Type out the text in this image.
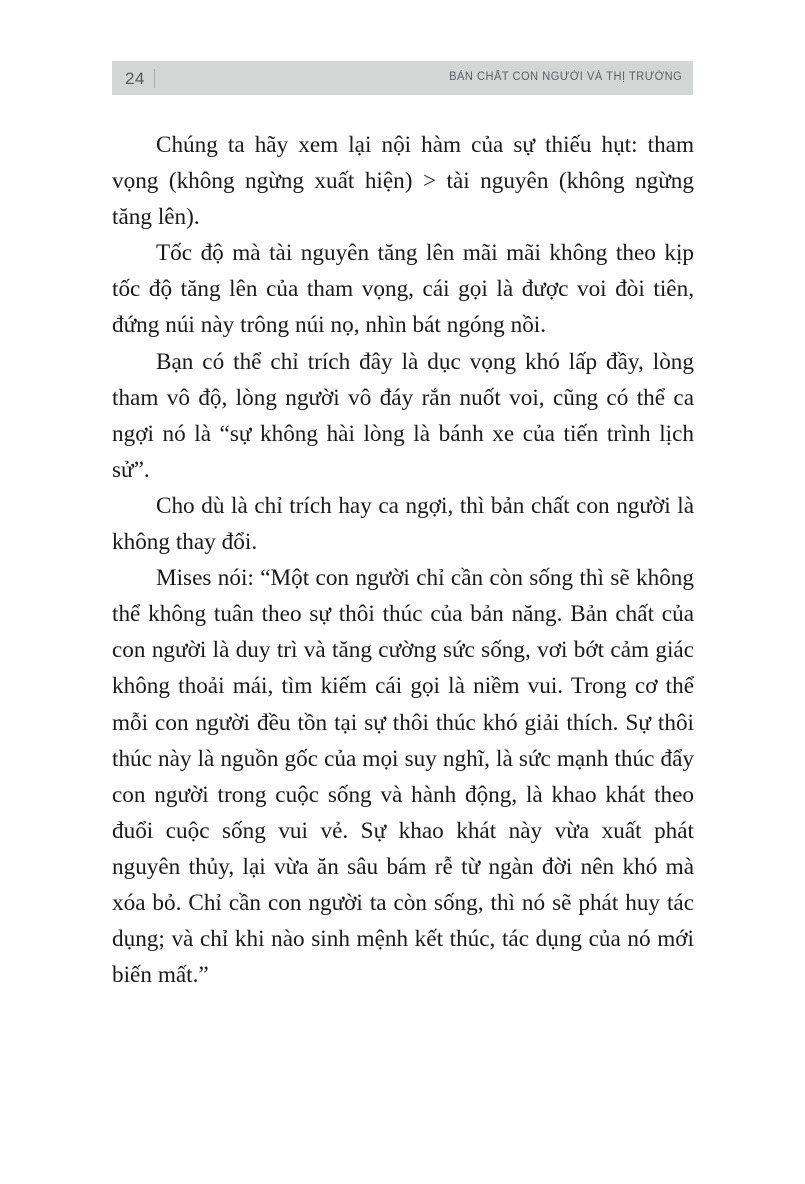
24	BẢN CHẤT CON NGƯỜI VÀ THỊ TRƯỜNG

Chúng ta hãy xem lại nội hàm của sự thiếu hụt: tham vọng (không ngừng xuất hiện) > tài nguyên (không ngừng tăng lên).

Tốc độ mà tài nguyên tăng lên mãi mãi không theo kịp tốc độ tăng lên của tham vọng, cái gọi là được voi đòi tiên, đứng núi này trông núi nọ, nhìn bát ngóng nồi.

Bạn có thể chỉ trích đây là dục vọng khó lấp đầy, lòng tham vô độ, lòng người vô đáy rắn nuốt voi, cũng có thể ca ngợi nó là “sự không hài lòng là bánh xe của tiến trình lịch sử”.

Cho dù là chỉ trích hay ca ngợi, thì bản chất con người là không thay đổi.

Mises nói: “Một con người chỉ cần còn sống thì sẽ không thể không tuân theo sự thôi thúc của bản năng. Bản chất của con người là duy trì và tăng cường sức sống, vơi bớt cảm giác không thoải mái, tìm kiếm cái gọi là niềm vui. Trong cơ thể mỗi con người đều tồn tại sự thôi thúc khó giải thích. Sự thôi thúc này là nguồn gốc của mọi suy nghĩ, là sức mạnh thúc đẩy con người trong cuộc sống và hành động, là khao khát theo đuổi cuộc sống vui vẻ. Sự khao khát này vừa xuất phát nguyên thủy, lại vừa ăn sâu bám rễ từ ngàn đời nên khó mà xóa bỏ. Chỉ cần con người ta còn sống, thì nó sẽ phát huy tác dụng; và chỉ khi nào sinh mệnh kết thúc, tác dụng của nó mới biến mất.”
